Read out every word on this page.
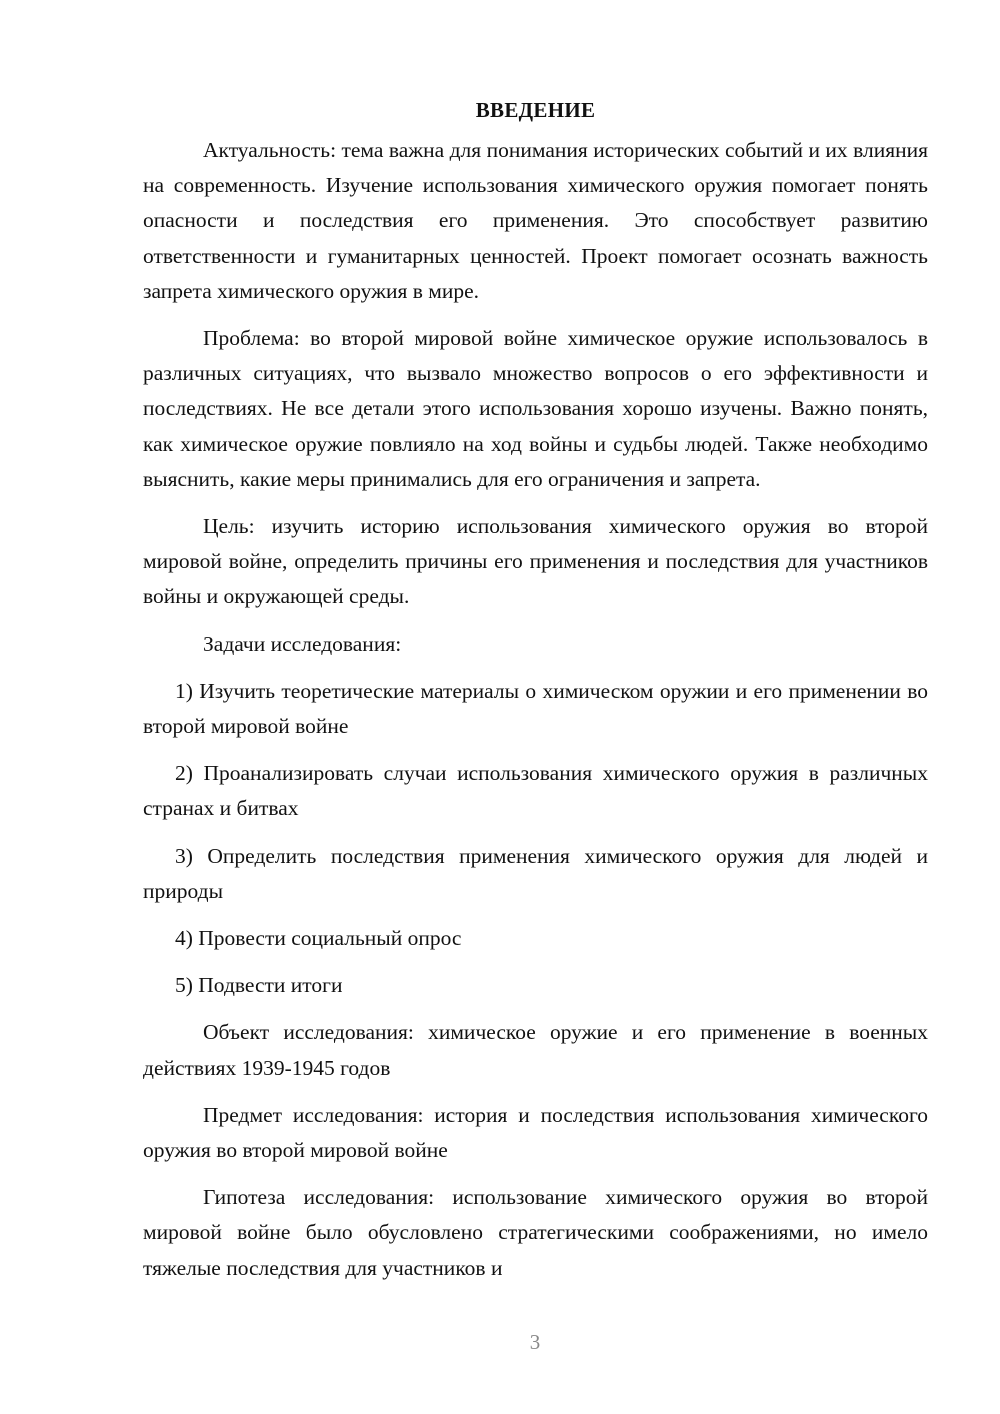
ВВЕДЕНИЕ

Актуальность: тема важна для понимания исторических событий и их влияния на современность. Изучение использования химического оружия помогает понять опасности и последствия его применения. Это способствует развитию ответственности и гуманитарных ценностей. Проект помогает осознать важность запрета химического оружия в мире.

Проблема: во второй мировой войне химическое оружие использовалось в различных ситуациях, что вызвало множество вопросов о его эффективности и последствиях. Не все детали этого использования хорошо изучены. Важно понять, как химическое оружие повлияло на ход войны и судьбы людей. Также необходимо выяснить, какие меры принимались для его ограничения и запрета.

Цель: изучить историю использования химического оружия во второй мировой войне, определить причины его применения и последствия для участников войны и окружающей среды.

Задачи исследования:

1) Изучить теоретические материалы о химическом оружии и его применении во второй мировой войне

2) Проанализировать случаи использования химического оружия в различных странах и битвах

3) Определить последствия применения химического оружия для людей и природы

4) Провести социальный опрос

5) Подвести итоги

Объект исследования: химическое оружие и его применение в военных действиях 1939-1945 годов

Предмет исследования: история и последствия использования химического оружия во второй мировой войне

Гипотеза исследования: использование химического оружия во второй мировой войне было обусловлено стратегическими соображениями, но имело тяжелые последствия для участников и

3
